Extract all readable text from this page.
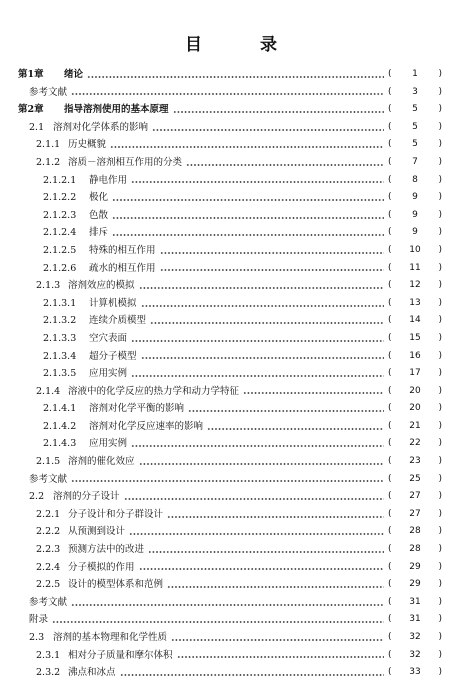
目 录
第1章	绪论	(	1	)
参考文献	(	3	)
第2章	指导溶剂使用的基本原理	(	5	)
2.1 溶剂对化学体系的影响	(	5	)
2.1.1 历史概貌	(	5	)
2.1.2 溶质－溶剂相互作用的分类	(	7	)
2.1.2.1	静电作用	(	8	)
2.1.2.2	极化	(	9	)
2.1.2.3	色散	(	9	)
2.1.2.4	排斥	(	9	)
2.1.2.5	特殊的相互作用	(	10	)
2.1.2.6	疏水的相互作用	(	11	)
2.1.3 溶剂效应的模拟	(	12	)
2.1.3.1	计算机模拟	(	13	)
2.1.3.2	连续介质模型	(	14	)
2.1.3.3	空穴表面	(	15	)
2.1.3.4	超分子模型	(	16	)
2.1.3.5	应用实例	(	17	)
2.1.4 溶液中的化学反应的热力学和动力学特征	(	20	)
2.1.4.1	溶剂对化学平衡的影响	(	20	)
2.1.4.2	溶剂对化学反应速率的影响	(	21	)
2.1.4.3	应用实例	(	22	)
2.1.5 溶剂的催化效应	(	23	)
参考文献	(	25	)
2.2 溶剂的分子设计	(	27	)
2.2.1 分子设计和分子群设计	(	27	)
2.2.2 从预测到设计	(	28	)
2.2.3 预测方法中的改进	(	28	)
2.2.4 分子模拟的作用	(	29	)
2.2.5 设计的模型体系和范例	(	29	)
参考文献	(	31	)
附录	(	31	)
2.3 溶剂的基本物理和化学性质	(	32	)
2.3.1 相对分子质量和摩尔体积	(	32	)
2.3.2 沸点和冰点	(	33	)
